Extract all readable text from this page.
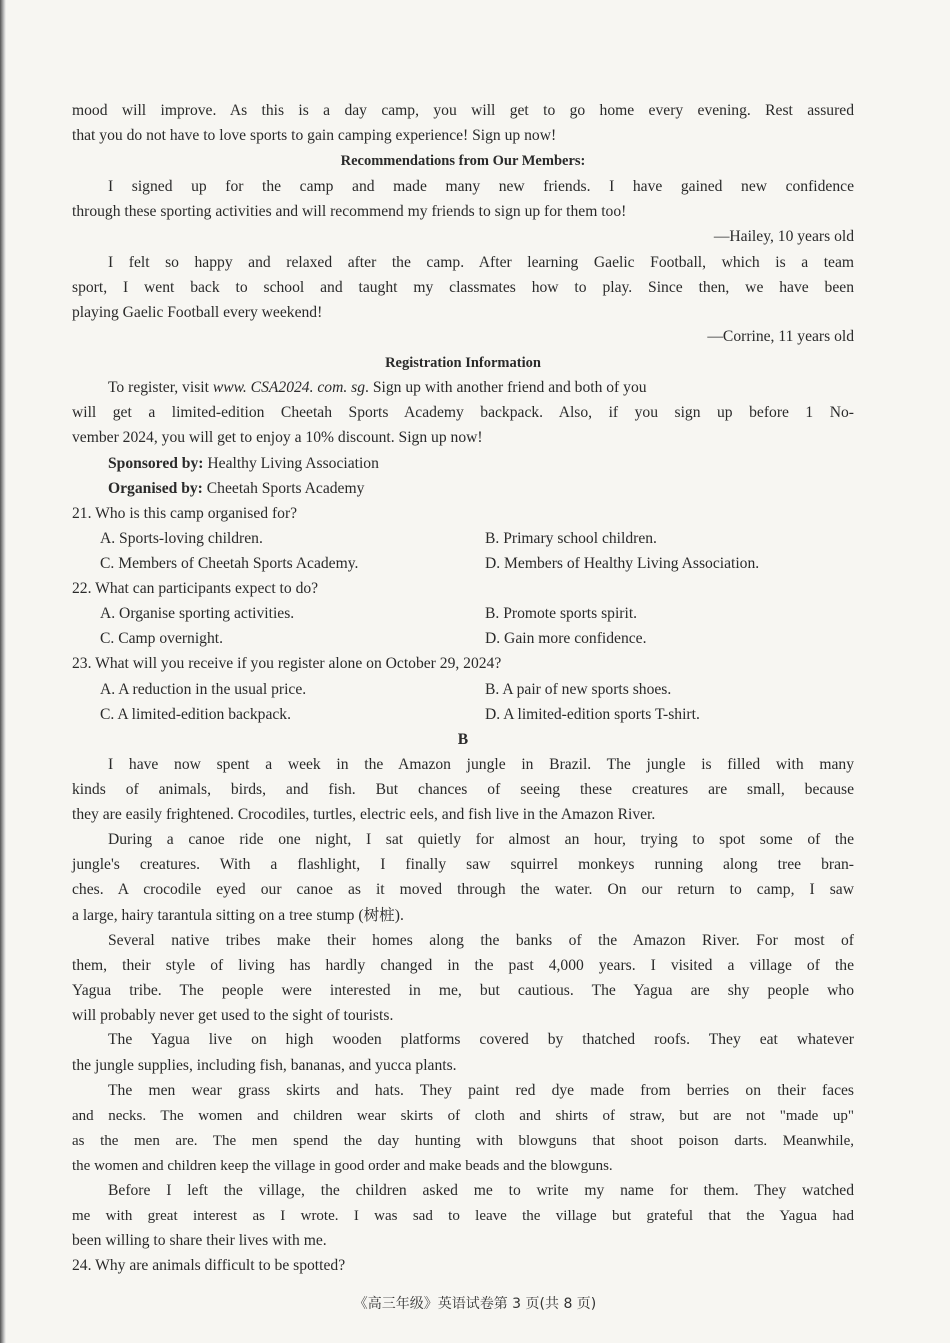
mood will improve. As this is a day camp, you will get to go home every evening. Rest assured
that you do not have to love sports to gain camping experience! Sign up now!
Recommendations from Our Members:
I signed up for the camp and made many new friends. I have gained new confidence
through these sporting activities and will recommend my friends to sign up for them too!
—Hailey, 10 years old
I felt so happy and relaxed after the camp. After learning Gaelic Football, which is a team
sport, I went back to school and taught my classmates how to play. Since then, we have been
playing Gaelic Football every weekend!
—Corrine, 11 years old
Registration Information
To register, visit www. CSA2024. com. sg. Sign up with another friend and both of you
will get a limited-edition Cheetah Sports Academy backpack. Also, if you sign up before 1 No-
vember 2024, you will get to enjoy a 10% discount. Sign up now!
Sponsored by: Healthy Living Association
Organised by: Cheetah Sports Academy
21. Who is this camp organised for?
A. Sports-loving children.	B. Primary school children.
C. Members of Cheetah Sports Academy.	D. Members of Healthy Living Association.
22. What can participants expect to do?
A. Organise sporting activities.	B. Promote sports spirit.
C. Camp overnight.	D. Gain more confidence.
23. What will you receive if you register alone on October 29, 2024?
A. A reduction in the usual price.	B. A pair of new sports shoes.
C. A limited-edition backpack.	D. A limited-edition sports T-shirt.
B
I have now spent a week in the Amazon jungle in Brazil. The jungle is filled with many
kinds of animals, birds, and fish. But chances of seeing these creatures are small, because
they are easily frightened. Crocodiles, turtles, electric eels, and fish live in the Amazon River.
During a canoe ride one night, I sat quietly for almost an hour, trying to spot some of the
jungle's creatures. With a flashlight, I finally saw squirrel monkeys running along tree bran-
ches. A crocodile eyed our canoe as it moved through the water. On our return to camp, I saw
a large, hairy tarantula sitting on a tree stump (树桩).
Several native tribes make their homes along the banks of the Amazon River. For most of
them, their style of living has hardly changed in the past 4,000 years. I visited a village of the
Yagua tribe. The people were interested in me, but cautious. The Yagua are shy people who
will probably never get used to the sight of tourists.
The Yagua live on high wooden platforms covered by thatched roofs. They eat whatever
the jungle supplies, including fish, bananas, and yucca plants.
The men wear grass skirts and hats. They paint red dye made from berries on their faces
and necks. The women and children wear skirts of cloth and shirts of straw, but are not "made up"
as the men are. The men spend the day hunting with blowguns that shoot poison darts. Meanwhile,
the women and children keep the village in good order and make beads and the blowguns.
Before I left the village, the children asked me to write my name for them. They watched
me with great interest as I wrote. I was sad to leave the village but grateful that the Yagua had
been willing to share their lives with me.
24. Why are animals difficult to be spotted?
《高三年级》英语试卷第 3 页(共 8 页)
